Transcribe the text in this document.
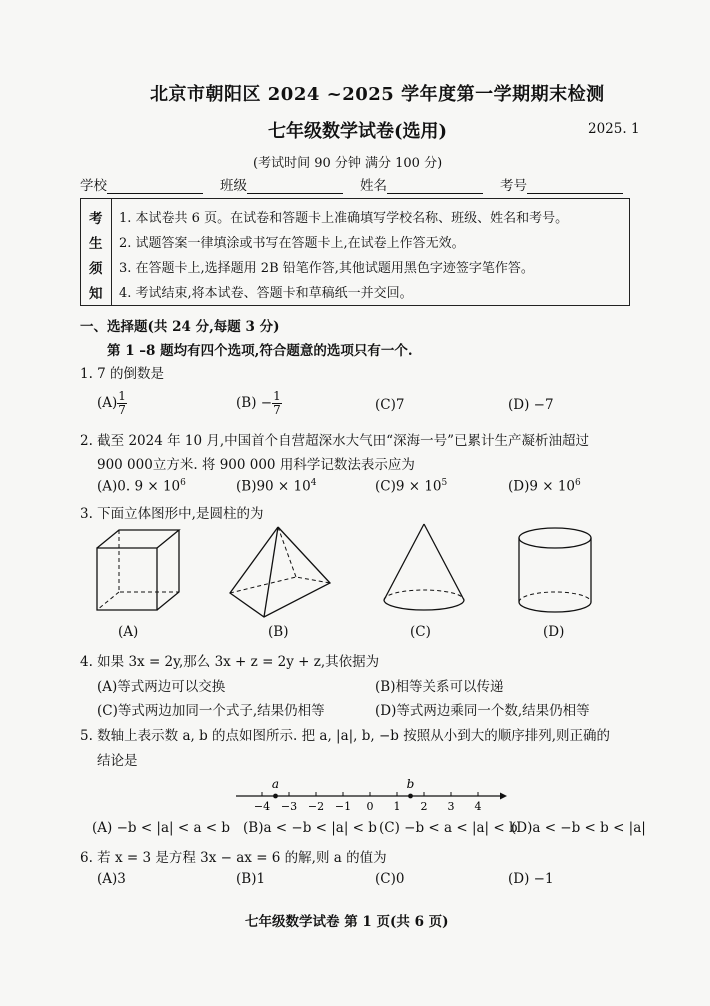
北京市朝阳区 2024 ~2025 学年度第一学期期末检测
七年级数学试卷(选用)	2025. 1
(考试时间 90 分钟 满分 100 分)
学校	班级	姓名	考号
考
生
须
知
1. 本试卷共 6 页。在试卷和答题卡上准确填写学校名称、班级、姓名和考号。
2. 试题答案一律填涂或书写在答题卡上,在试卷上作答无效。
3. 在答题卡上,选择题用 2B 铅笔作答,其他试题用黑色字迹签字笔作答。
4. 考试结束,将本试卷、答题卡和草稿纸一并交回。
一、选择题(共 24 分,每题 3 分)
第 1 –8 题均有四个选项,符合题意的选项只有一个.
1. 7 的倒数是
$(A) \frac{1}{7}$	$(B) - \frac{1}{7}$	(C)7	(D) −7
2. 截至 2024 年 10 月,中国首个自营超深水大气田“深海一号”已累计生产凝析油超过
900 000立方米. 将 900 000 用科学记数法表示应为
(A)0. $9 \times 10^6$	$(B)90 \times 10^4$	$(C)9 \times 10^5$	$(D)9 \times 10^6$
3. 下面立体图形中,是圆柱的为
(A)	(B)	(C)	(D)
4. 如果 3x = 2y,那么 3x + z = 2y + z,其依据为
(A)等式两边可以交换	(B)相等关系可以传递
(C)等式两边加同一个式子,结果仍相等	(D)等式两边乘同一个数,结果仍相等
5. 数轴上表示数 a, b 的点如图所示. 把 a, |a|, b, −b 按照从小到大的顺序排列,则正确的
结论是
−4 −3 −2 −1 0 1 2 3 4
a	b
(A) −b < |a| < a < b (B)a < −b < |a| < b (C) −b < a < |a| < b
(D)a < −b < b < |a|
6. 若 x = 3 是方程 3x − ax = 6 的解,则 a 的值为
(A)3	(B)1	(C)0	(D) −1
七年级数学试卷 第 1 页(共 6 页)
